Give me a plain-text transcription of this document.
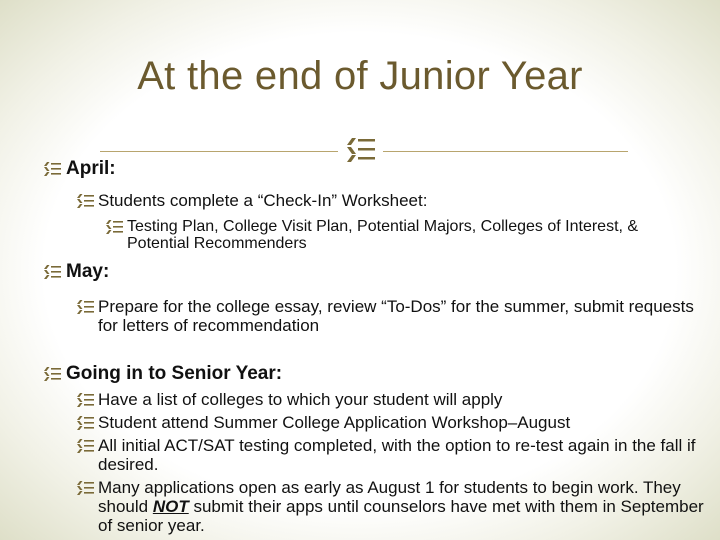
At the end of Junior Year
April:
Students complete a “Check-In” Worksheet:
Testing Plan, College Visit Plan, Potential Majors, Colleges of Interest, & Potential Recommenders
May:
Prepare for the college essay, review “To-Dos” for the summer, submit requests for letters of recommendation
Going in to Senior Year:
Have a list of colleges to which your student will apply
Student attend Summer College Application Workshop–August
All initial ACT/SAT testing completed, with the option to re-test again in the fall if desired.
Many applications open as early as August 1 for students to begin work. They should NOT submit their apps until counselors have met with them in September of senior year.
